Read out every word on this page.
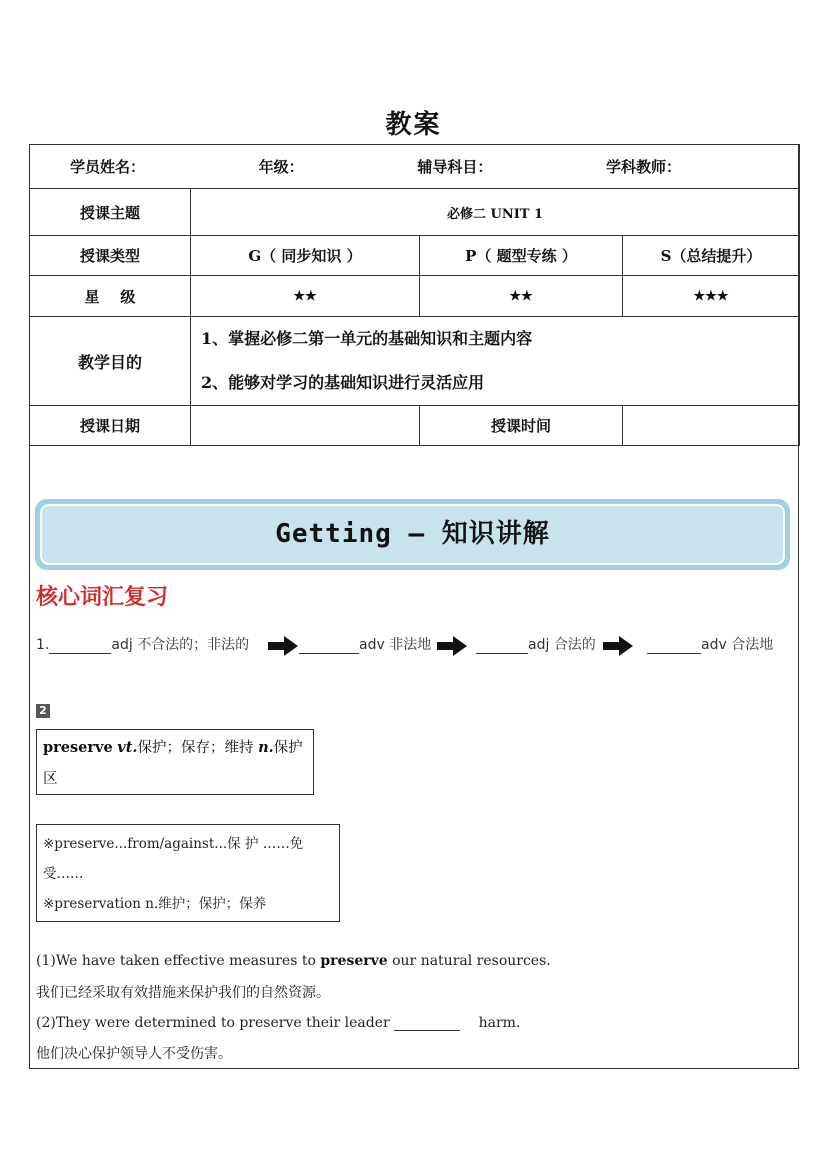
教案
学员姓名： 年级： 辅导科目： 学科教师：			

授课主题	必修二 UNIT 1		
授课类型	G（ 同步知识 ）	P（ 题型专练 ）	S（总结提升）
星    级	★★	★★	★★★
教学目的	1、掌握必修二第一单元的基础知识和主题内容
2、能够对学习的基础知识进行灵活应用		

授课日期		授课时间	
Getting — 知识讲解
核心词汇复习
1.	adj 不合法的；非法的	adv 非法地	adj 合法的	adv 合法地
2
preserve vt.保护；保存；维持 n.保护区
※preserve...from/against...保 护 ……免受……
※preservation n.维护；保护；保养
(1)We have taken effective measures to preserve our natural resources.
我们已经采取有效措施来保护我们的自然资源。
(2)They were determined to preserve their leader	harm.
他们决心保护领导人不受伤害。
